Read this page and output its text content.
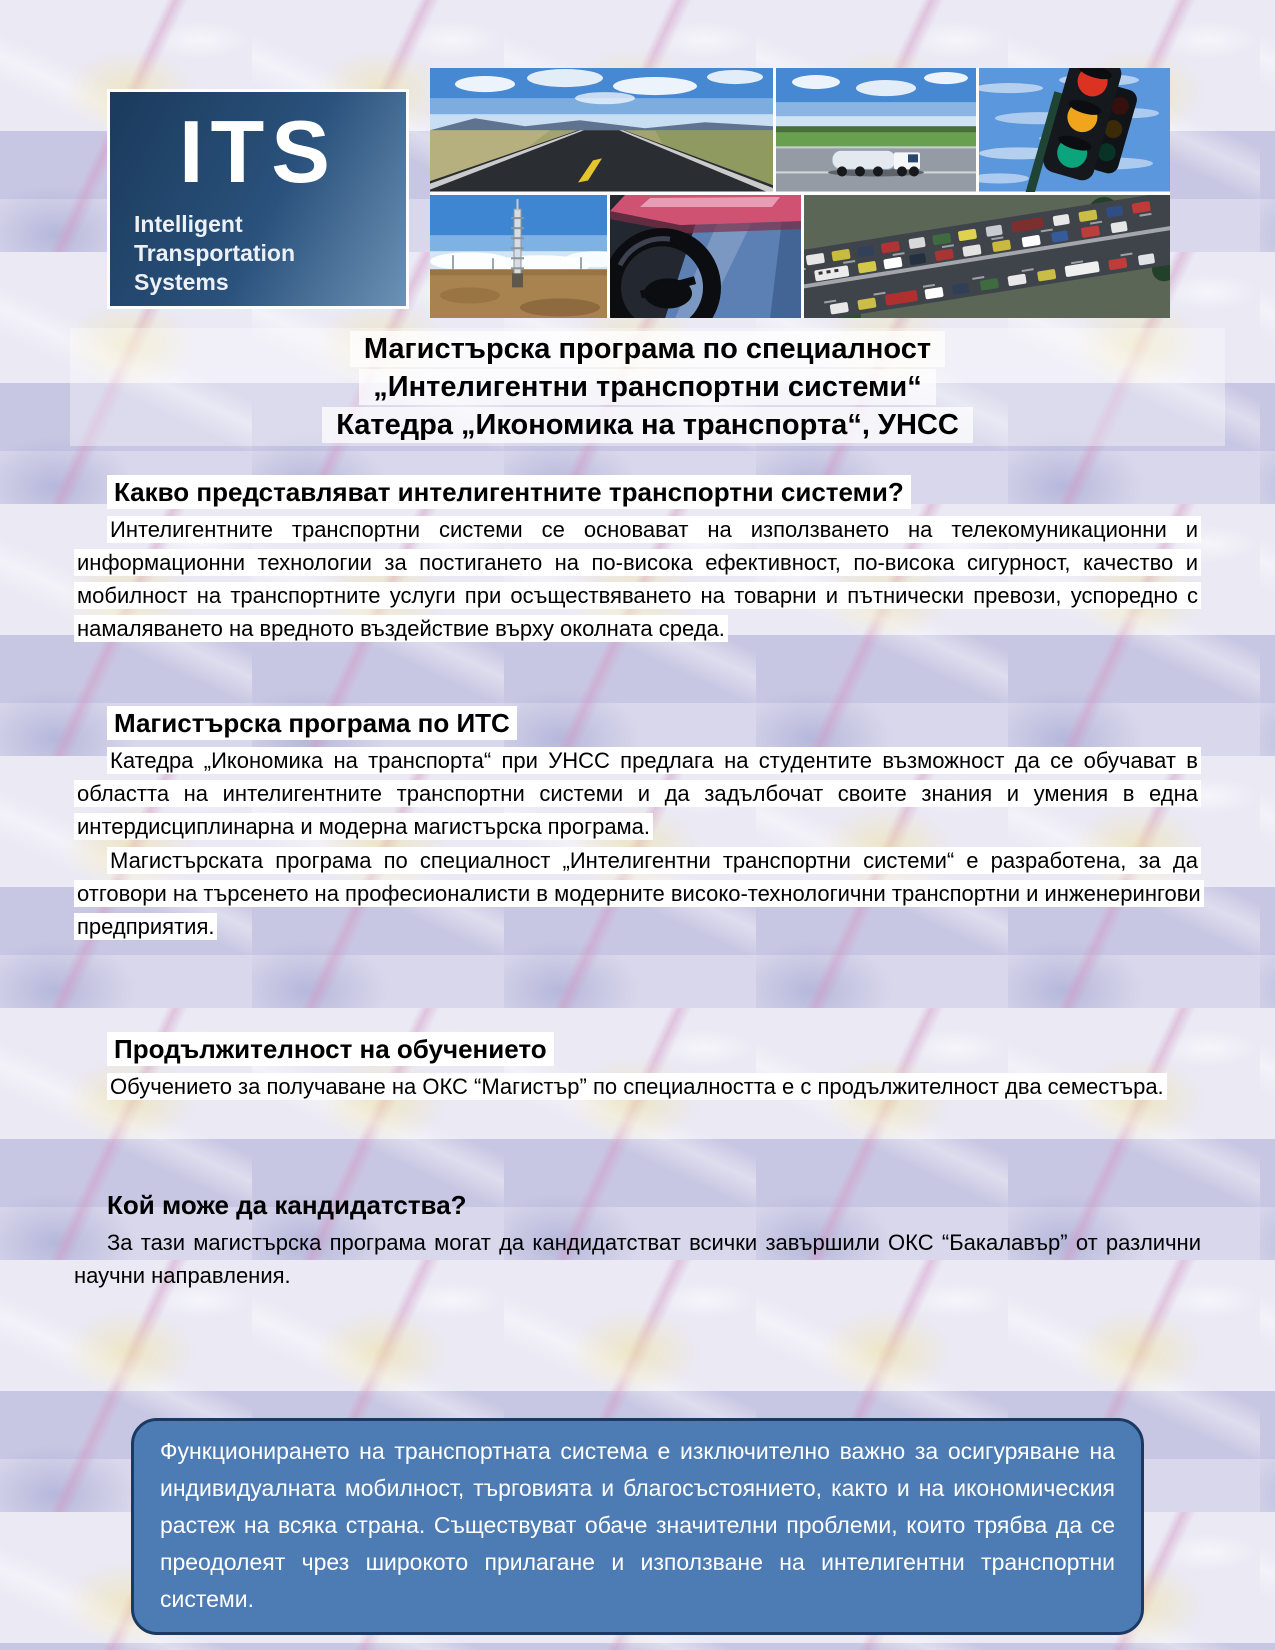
ITS
Intelligent
Transportation
Systems
Магистърска програма по специалност
„Интелигентни транспортни системи“
Катедра „Икономика на транспорта“, УНСС
Какво представляват интелигентните транспортни системи?

Интелигентните транспортни системи се основават на използването на телекомуникационни и информационни технологии за постигането на по-висока ефективност, по-висока сигурност, качество и мобилност на транспортните услуги при осъществяването на товарни и пътнически превози, успоредно с намаляването на вредното въздействие върху околната среда.

Магистърска програма по ИТС

Катедра „Икономика на транспорта“ при УНСС предлага на студентите възможност да се обучават в областта на интелигентните транспортни системи и да задълбочат своите знания и умения в една интердисциплинарна и модерна магистърска програма.

Магистърската програма по специалност „Интелигентни транспортни системи“ е разработена, за да отговори на търсенето на професионалисти в модерните високо-технологични транспортни и инженерингови предприятия.

Продължителност на обучението

Обучението за получаване на ОКС “Магистър” по специалността е с продължителност два семестъра.

Кой може да кандидатства?

За тази магистърска програма могат да кандидатстват всички завършили ОКС “Бакалавър” от различни научни направления.

Функционирането на транспортната система е изключително важно за осигуряване на индивидуалната мобилност, търговията и благосъстоянието, както и на икономическия растеж на всяка страна. Съществуват обаче значителни проблеми, които трябва да се преодолеят чрез широкото прилагане и използване на интелигентни транспортни системи.
